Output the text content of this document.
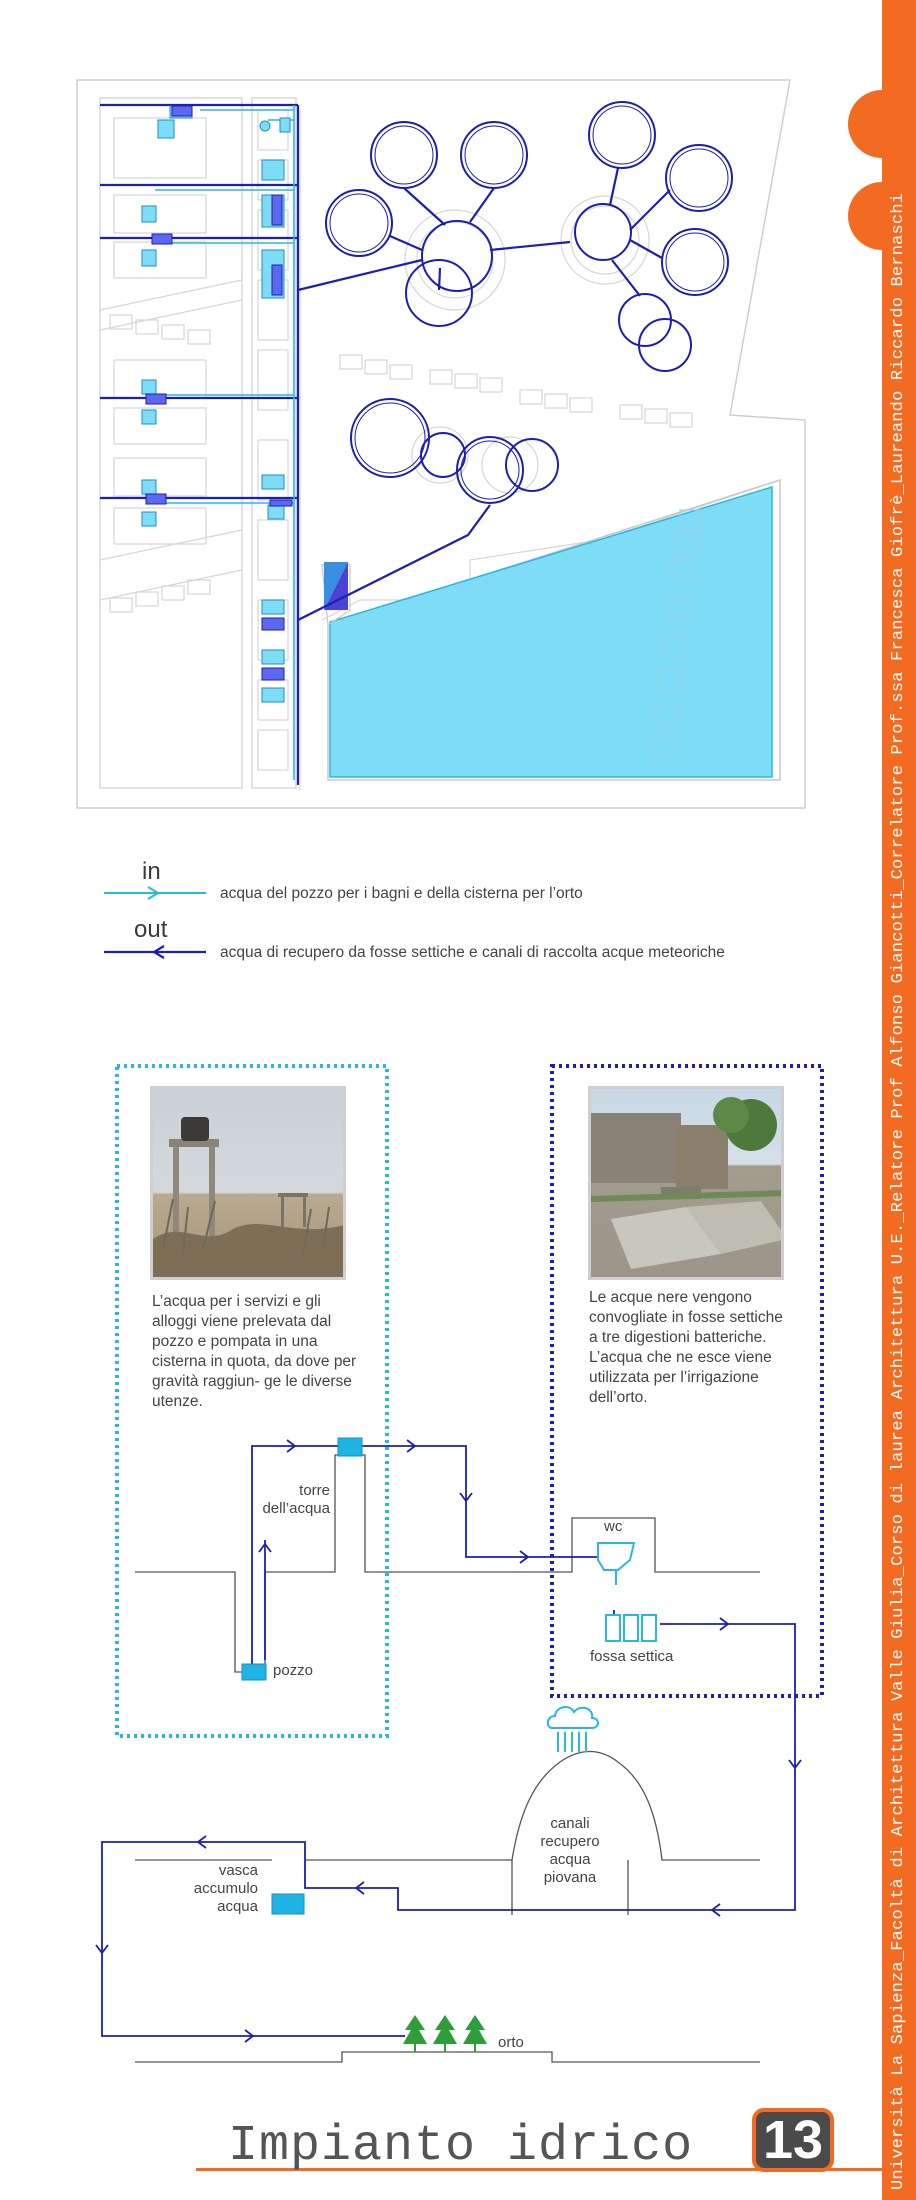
in
acqua del pozzo per i bagni e della cisterna per l’orto
out
acqua di recupero da fosse settiche e canali di raccolta acque meteoriche
L’acqua per i servizi e gli alloggi viene prelevata dal pozzo e pompata in una cisterna in quota, da dove per gravità raggiun- ge le diverse utenze.
Le acque nere vengono convogliate in fosse settiche a tre digestioni batteriche. L’acqua che ne esce viene utilizzata per l’irrigazione dell’orto.
torre dell’acqua
pozzo
wc
fossa settica
canali recupero acqua piovana
vasca accumulo acqua
orto
Impianto idrico 13	Università La Sapienza_Facoltà di Architettura Valle Giulia_Corso di laurea Architettura U.E._Relatore Prof Alfonso Giancotti_Correlatore Prof.ssa Francesca Giofrè_Laureando Riccardo Bernaschi
